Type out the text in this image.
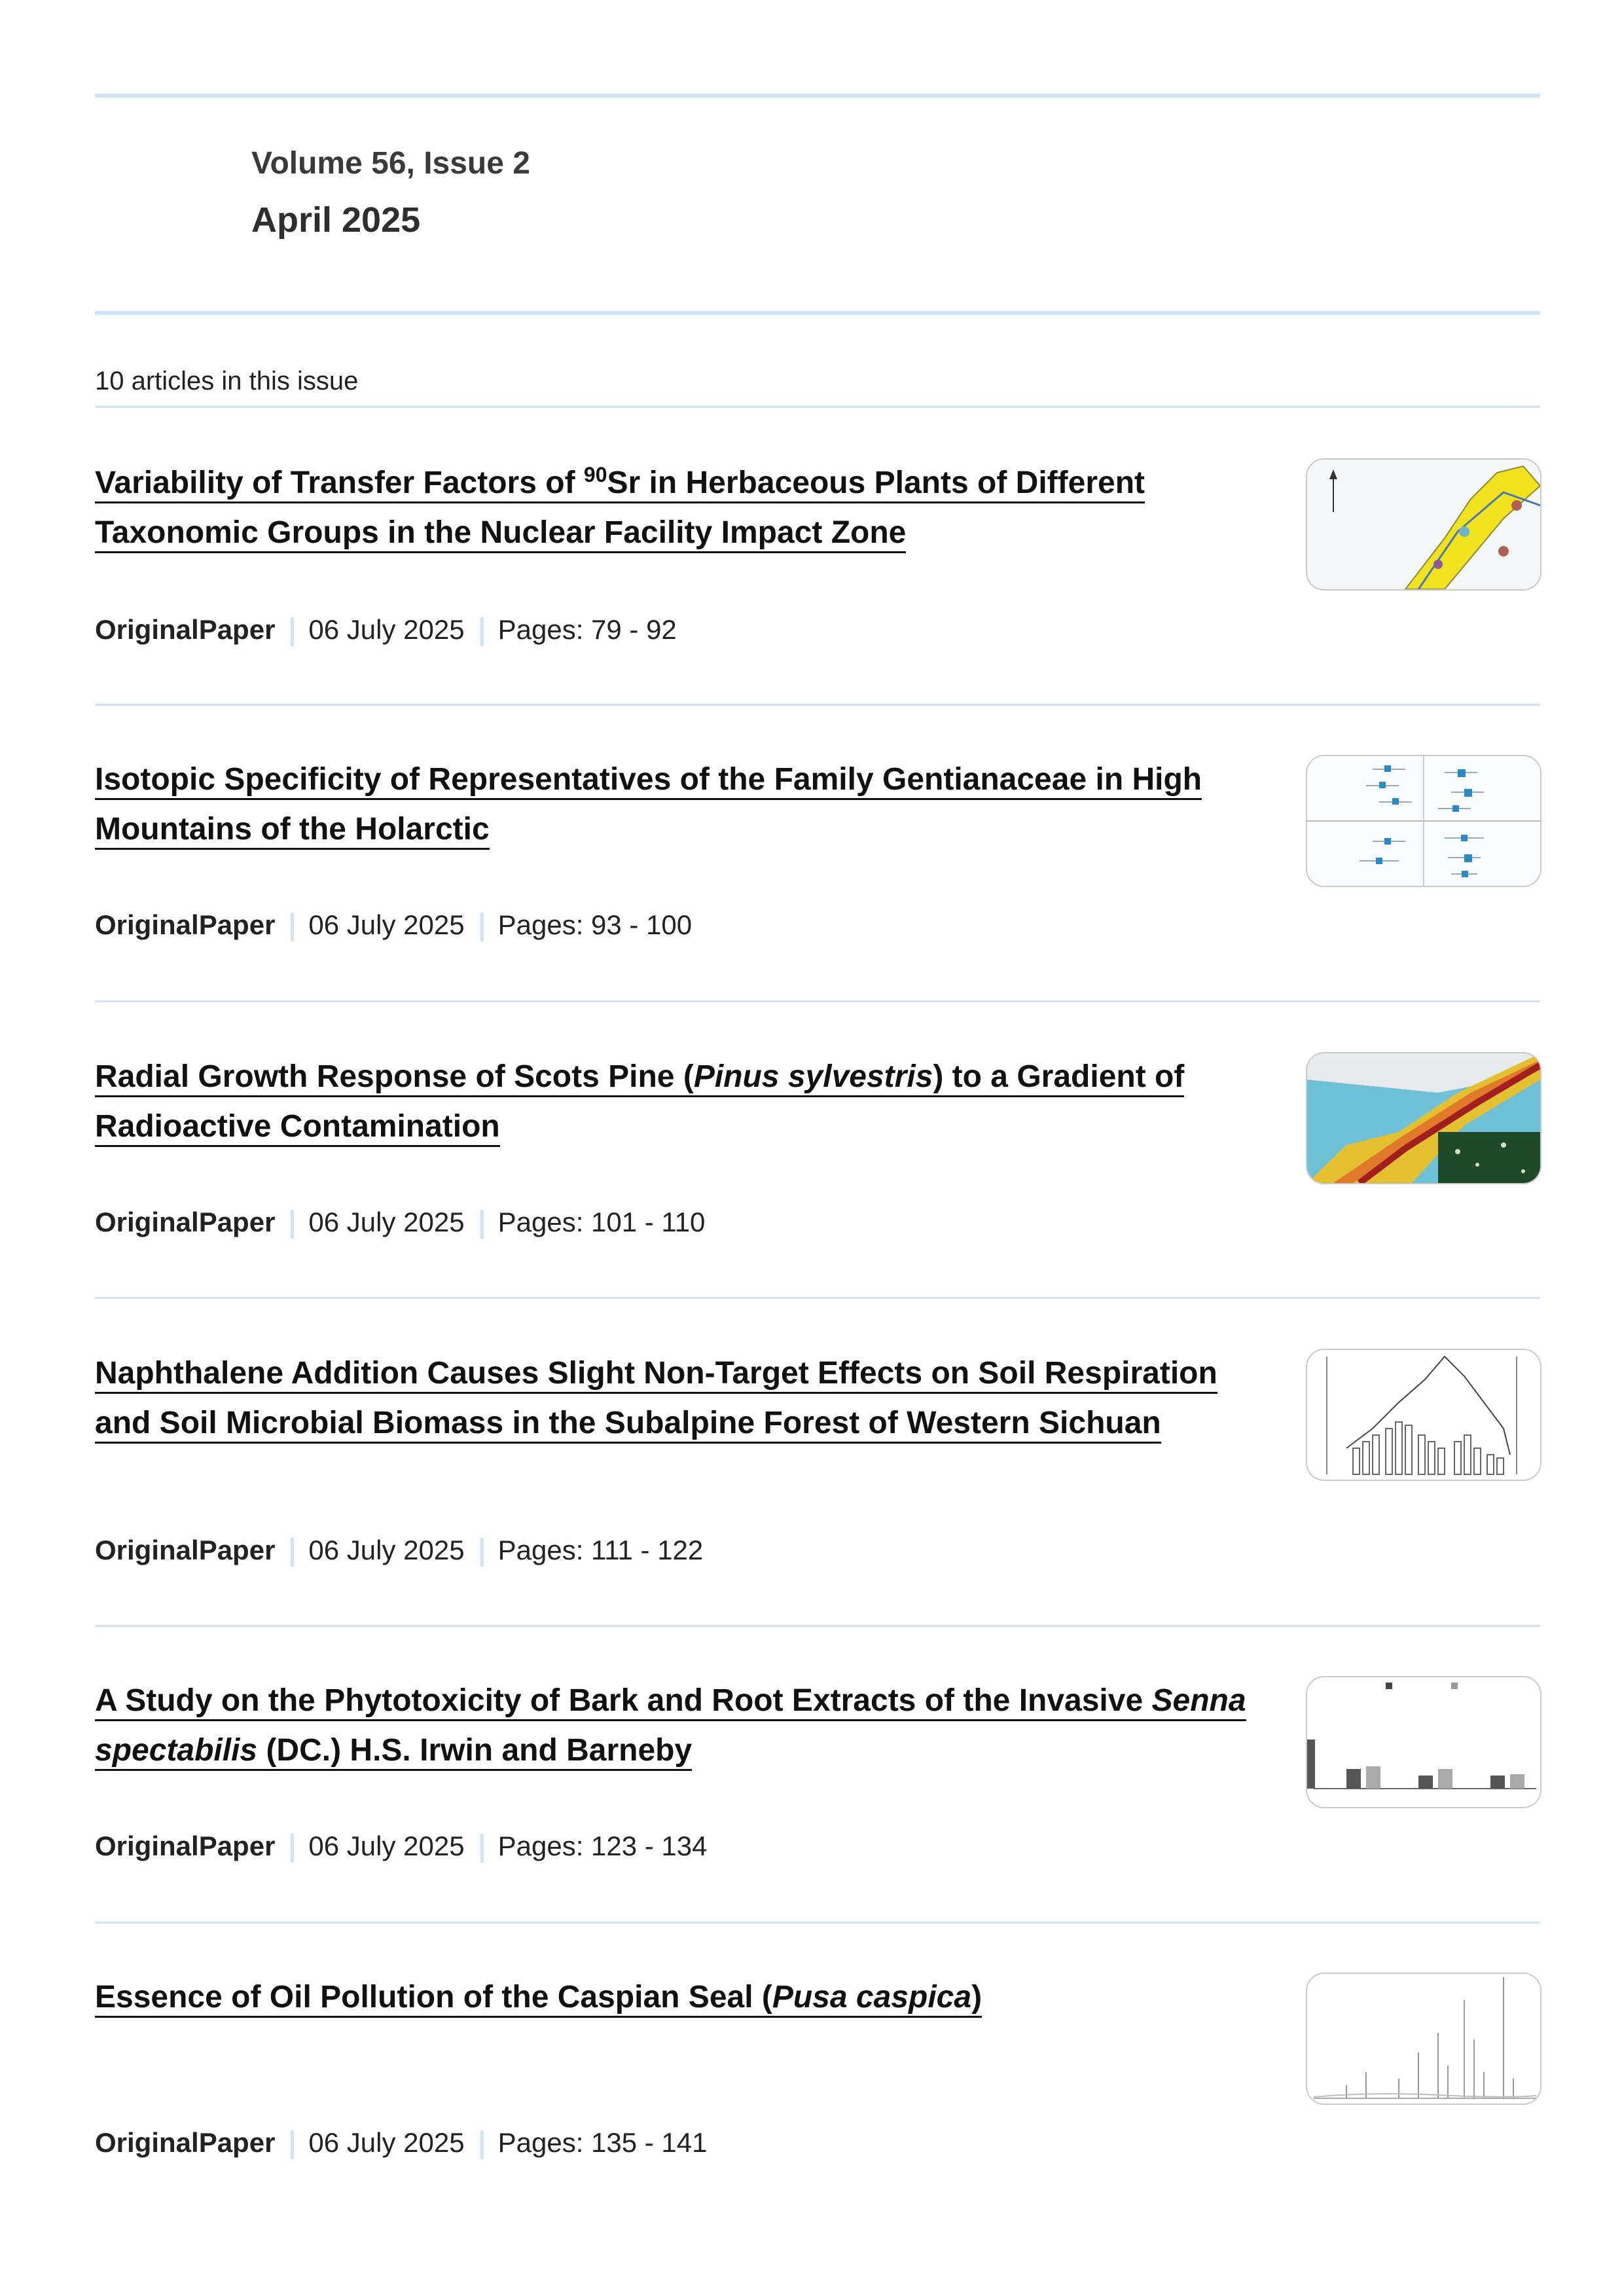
Volume 56, Issue 2
April 2025
10 articles in this issue
Variability of Transfer Factors of $^{90}$Sr in Herbaceous Plants of Different Taxonomic Groups in the Nuclear Facility Impact Zone
OriginalPaper 06 July 2025 Pages: 79 - 92
Isotopic Specificity of Representatives of the Family Gentianaceae in High Mountains of the Holarctic
OriginalPaper 06 July 2025 Pages: 93 - 100
Radial Growth Response of Scots Pine (Pinus sylvestris) to a Gradient of Radioactive Contamination
OriginalPaper 06 July 2025 Pages: 101 - 110
Naphthalene Addition Causes Slight Non-Target Effects on Soil Respiration and Soil Microbial Biomass in the Subalpine Forest of Western Sichuan
OriginalPaper 06 July 2025 Pages: 111 - 122
A Study on the Phytotoxicity of Bark and Root Extracts of the Invasive Senna spectabilis (DC.) H.S. Irwin and Barneby
OriginalPaper 06 July 2025 Pages: 123 - 134
Essence of Oil Pollution of the Caspian Seal (Pusa caspica)
OriginalPaper 06 July 2025 Pages: 135 - 141
